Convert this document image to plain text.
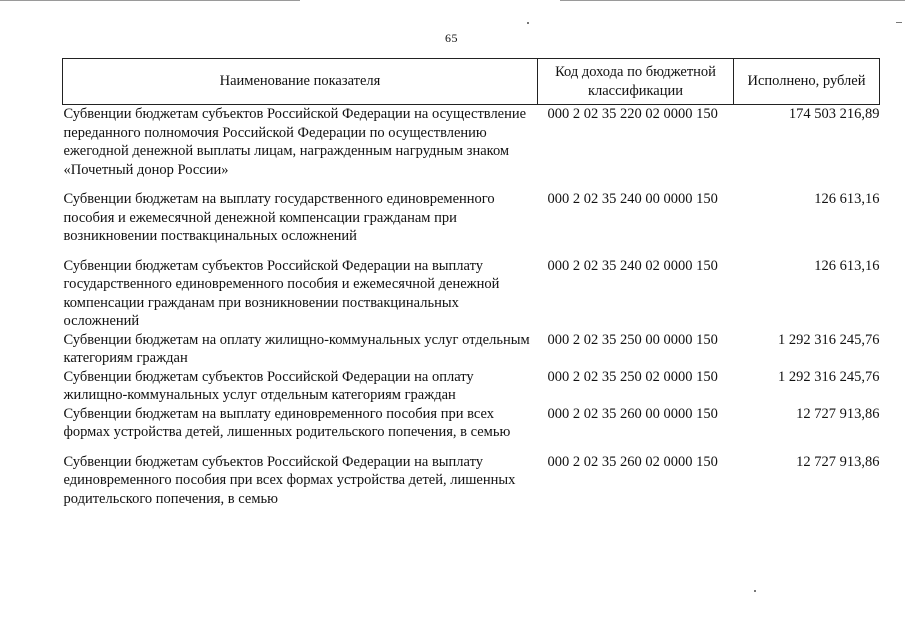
65
Наименование показателя	Код дохода по бюджетной классификации	Исполнено, рублей
Субвенции бюджетам субъектов Российской Федерации на осуществление переданного полномочия Российской Федерации по осуществлению ежегодной денежной выплаты лицам, награжденным нагрудным знаком «Почетный донор России»	000 2 02 35 220 02 0000 150	174 503 216,89
Субвенции бюджетам на выплату государственного единовременного пособия и ежемесячной денежной компенсации гражданам при возникновении поствакцинальных осложнений	000 2 02 35 240 00 0000 150	126 613,16
Субвенции бюджетам субъектов Российской Федерации на выплату государственного единовременного пособия и ежемесячной денежной компенсации гражданам при возникновении поствакцинальных осложнений	000 2 02 35 240 02 0000 150	126 613,16
Субвенции бюджетам на оплату жилищно-коммунальных услуг отдельным категориям граждан	000 2 02 35 250 00 0000 150	1 292 316 245,76
Субвенции бюджетам субъектов Российской Федерации на оплату жилищно-коммунальных услуг отдельным категориям граждан	000 2 02 35 250 02 0000 150	1 292 316 245,76
Субвенции бюджетам на выплату единовременного пособия при всех формах устройства детей, лишенных родительского попечения, в семью	000 2 02 35 260 00 0000 150	12 727 913,86
Субвенции бюджетам субъектов Российской Федерации на выплату единовременного пособия при всех формах устройства детей, лишенных родительского попечения, в семью	000 2 02 35 260 02 0000 150	12 727 913,86
